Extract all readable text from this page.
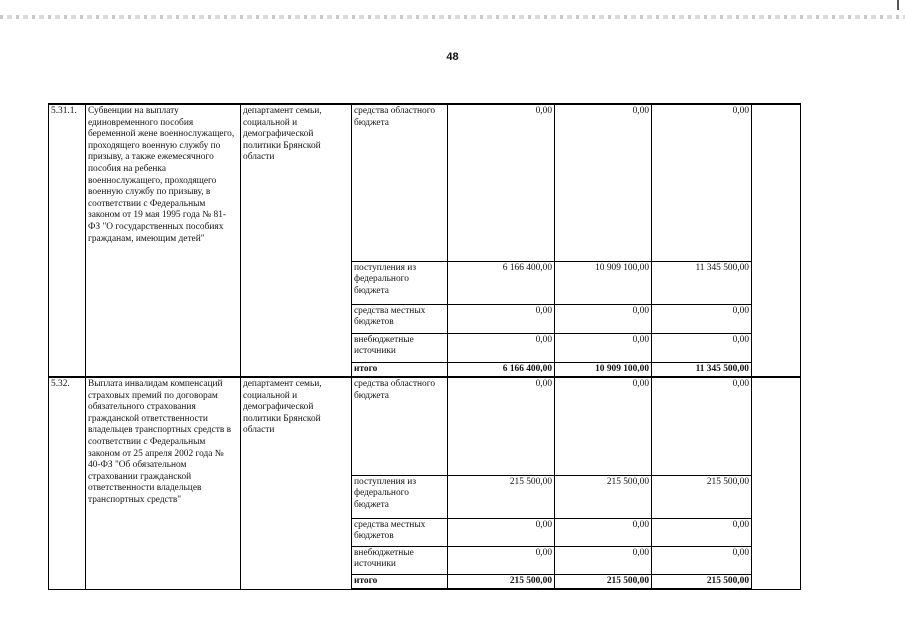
48
5.31.1.	Субвенции на выплату единовременного пособия беременной жене военнослужащего, проходящего военную службу по призыву, а также ежемесячного пособия на ребенка военнослужащего, проходящего военную службу по призыву, в соответствии с Федеральным законом от 19 мая 1995 года № 81-ФЗ "О государственных пособиях гражданам, имеющим детей"	департамент семьи, социальной и демографической политики Брянской области	средства областного бюджета	0,00	0,00	0,00	

			поступления из федерального бюджета	6 166 400,00	10 909 100,00	11 345 500,00	

			средства местных бюджетов	0,00	0,00	0,00	

			внебюджетные источники	0,00	0,00	0,00	

			итого	6 166 400,00	10 909 100,00	11 345 500,00	

5.32.	Выплата инвалидам компенсаций страховых премий по договорам обязательного страхования гражданской ответственности владельцев транспортных средств в соответствии с Федеральным законом от 25 апреля 2002 года № 40-ФЗ "Об обязательном страховании гражданской ответственности владельцев транспортных средств"	департамент семьи, социальной и демографической политики Брянской области	средства областного бюджета	0,00	0,00	0,00	

			поступления из федерального бюджета	215 500,00	215 500,00	215 500,00	

			средства местных бюджетов	0,00	0,00	0,00	

			внебюджетные источники	0,00	0,00	0,00	

			итого	215 500,00	215 500,00	215 500,00	
